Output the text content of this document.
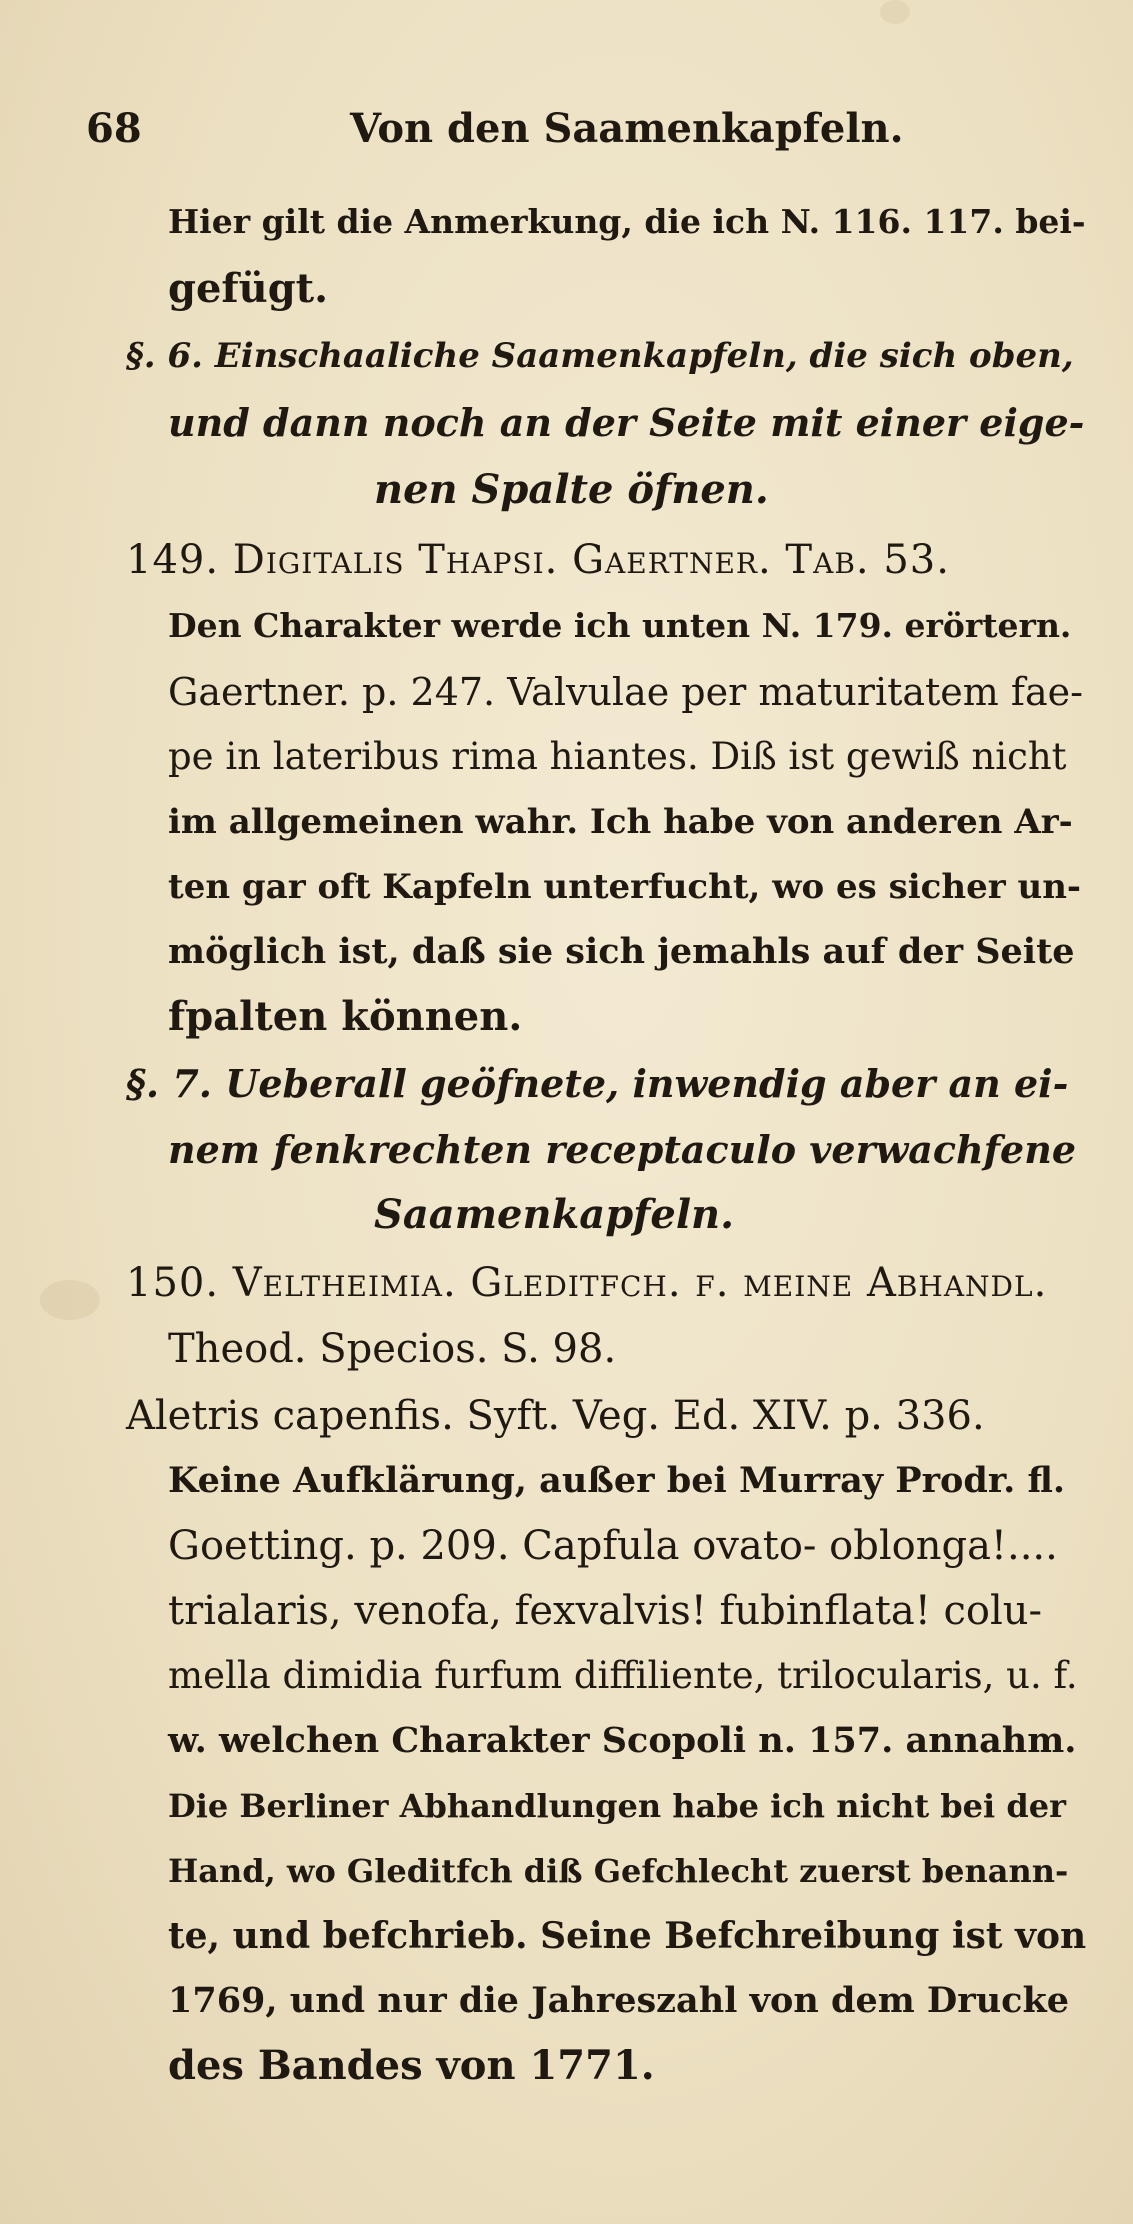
68	Von den Saamenkapfeln.
Hier gilt die Anmerkung, die ich N. 116. 117. bei-
gefügt.
§. 6. Einschaaliche Saamenkapfeln, die sich oben,
und dann noch an der Seite mit einer eige-
nen Spalte öfnen.
149. Digitalis Thapsi. Gaertner. Tab. 53.
Den Charakter werde ich unten N. 179. erörtern.
Gaertner. p. 247. Valvulae per maturitatem fae-
pe in lateribus rima hiantes. Diß ist gewiß nicht
im allgemeinen wahr. Ich habe von anderen Ar-
ten gar oft Kapfeln unterfucht, wo es sicher un-
möglich ist, daß sie sich jemahls auf der Seite
fpalten können.
§. 7. Ueberall geöfnete, inwendig aber an ei-
nem fenkrechten receptaculo verwachfene
Saamenkapfeln.
150. Veltheimia. Gleditfch. f. meine Abhandl.
Theod. Specios. S. 98.
Aletris capenfis. Syft. Veg. Ed. XIV. p. 336.
Keine Aufklärung, außer bei Murray Prodr. fl.
Goetting. p. 209. Capfula ovato- oblonga!....
trialaris, venofa, fexvalvis! fubinflata! colu-
mella dimidia furfum diffiliente, trilocularis, u. f.
w. welchen Charakter Scopoli n. 157. annahm.
Die Berliner Abhandlungen habe ich nicht bei der
Hand, wo Gleditfch diß Gefchlecht zuerst benann-
te, und befchrieb. Seine Befchreibung ist von
1769, und nur die Jahreszahl von dem Drucke
des Bandes von 1771.
